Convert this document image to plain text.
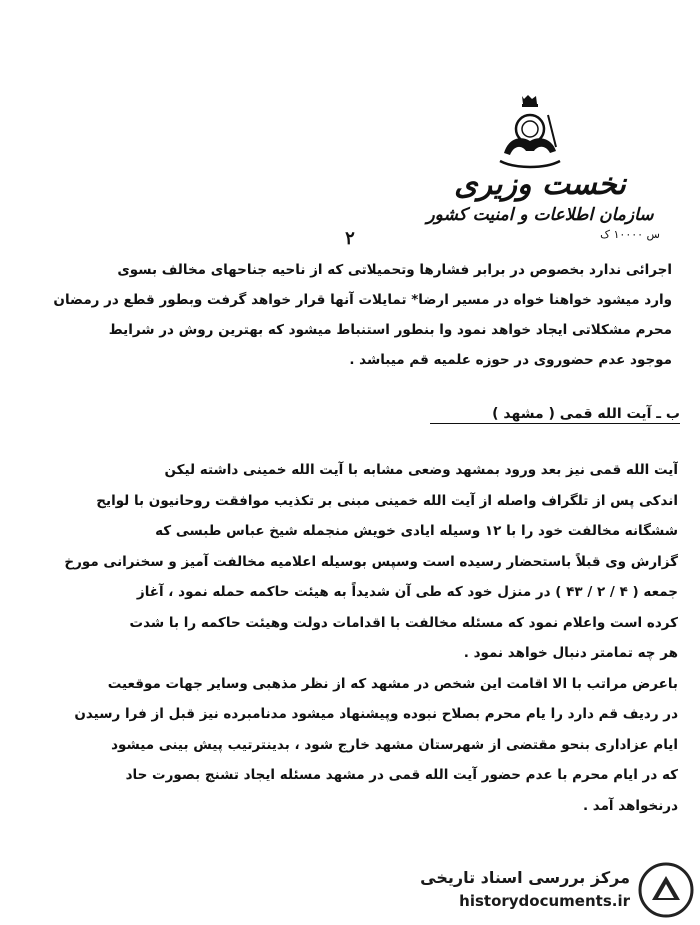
نخست وزیری
سازمان اطلاعات و امنیت کشور
س ۱۰۰۰۰ ک
۲
اجرائی ندارد بخصوص در برابر فشارها وتحمیلاتی که از ناحیه جناحهای مخالف بسوی
وارد میشود خواهنا خواه در مسیر ارضا* تمایلات آنها قرار خواهد گرفت وبطور قطع در رمضان
محرم مشکلاتی ایجاد خواهد نمود وا بنطور استنباط میشود که بهترین روش در شرایط
موجود عدم حضوروی در حوزه علمیه قم میباشد .
ب ـ آیت الله قمی ( مشهد )
آیت الله قمی نیز بعد ورود بمشهد وضعی مشابه با آیت الله خمینی داشته لیکن
اندکی پس از تلگراف واصله از آیت الله خمینی مبنی بر تکذیب موافقت روحانیون با لوایح
ششگانه مخالفت خود را با ۱۲ وسیله ایادی خویش منجمله شیخ عباس طبسی که
گزارش وی قبلاً باستحضار رسیده است وسپس بوسیله اعلامیه مخالفت آمیز و سخنرانی مورخ
جمعه ( ۴ / ۲ / ۴۳ ) در منزل خود که طی آن شدیداً به هیئت حاکمه حمله نمود ، آغاز
کرده است واعلام نمود که مسئله مخالفت با اقدامات دولت وهیئت حاکمه را با شدت
هر چه تمامتر دنبال خواهد نمود .
باعرض مراتب با الا اقامت این شخص در مشهد که از نظر مذهبی وسایر جهات موقعیت
در ردیف قم دارد را یام محرم بصلاح نبوده وپیشنهاد میشود مدنامبرده نیز قبل از فرا رسیدن
ایام عزاداری بنحو مقتضی از شهرستان مشهد خارج شود ، بدینترتیب پیش بینی میشود
که در ایام محرم با عدم حضور آیت الله قمی در مشهد مسئله ایجاد تشنج بصورت حاد
درنخواهد آمد .
مرکز بررسی اسناد تاریخی
historydocuments.ir
